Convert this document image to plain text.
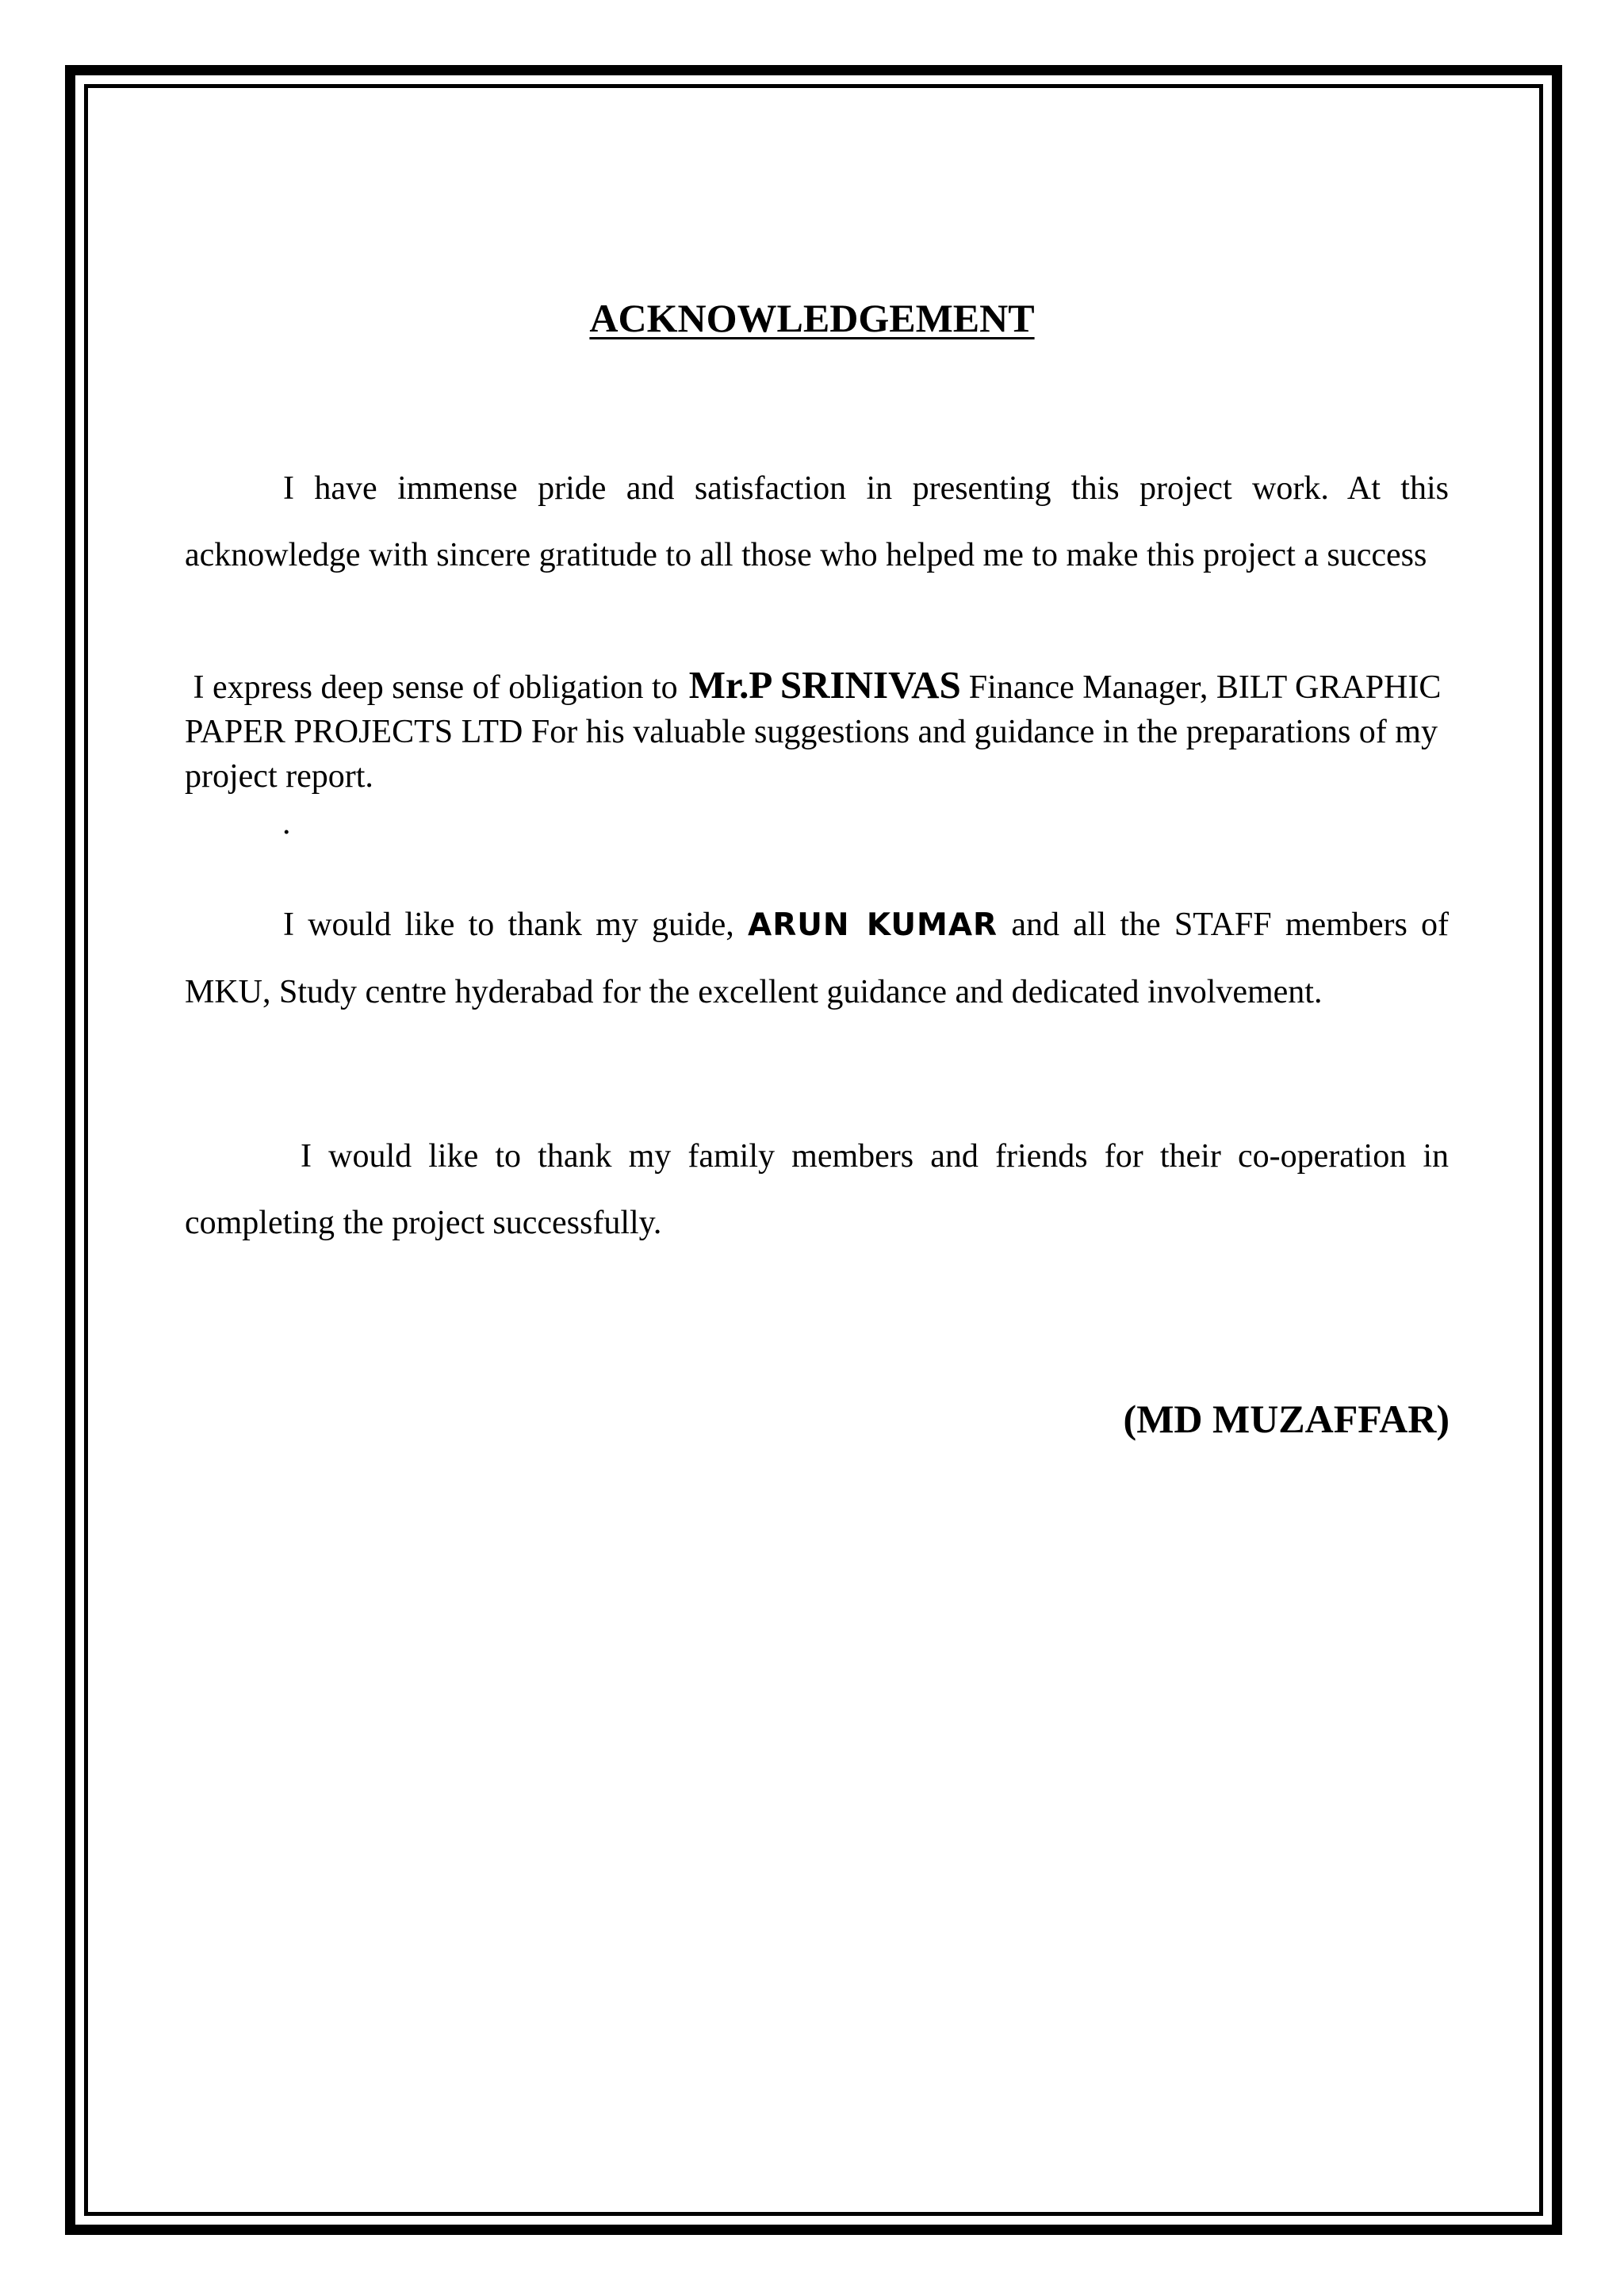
ACKNOWLEDGEMENT

I have immense pride and satisfaction in presenting this project work. At this acknowledge with sincere gratitude to all those who helped me to make this project a success

I express deep sense of obligation to Mr.P SRINIVAS Finance Manager, BILT GRAPHIC PAPER PROJECTS LTD For his valuable suggestions and guidance in the preparations of my project report.

.

I would like to thank my guide, ARUN KUMAR and all the STAFF members of MKU, Study centre hyderabad for the excellent guidance and dedicated involvement.

I would like to thank my family members and friends for their co-operation in completing the project successfully.

(MD MUZAFFAR)
